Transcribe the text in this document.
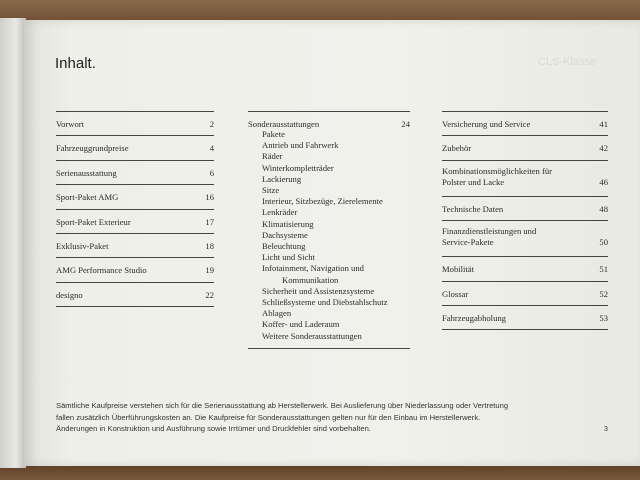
Inhalt.	CLS-Klasse
Vorwort	2
Fahrzeuggrundpreise	4
Serienausstattung	6
Sport-Paket AMG	16
Sport-Paket Exterieur	17
Exklusiv-Paket	18
AMG Performance Studio	19
designo	22
Sonderausstattungen	24
Pakete
Antrieb und Fahrwerk
Räder
Winterkompletträder
Lackierung
Sitze
Interieur, Sitzbezüge, Zierelemente
Lenkräder
Klimatisierung
Dachsysteme
Beleuchtung
Licht und Sicht
Infotainment, Navigation und
Kommunikation
Sicherheit und Assistenzsysteme
Schließsysteme und Diebstahlschutz
Ablagen
Koffer- und Laderaum
Weitere Sonderausstattungen
Versicherung und Service	41
Zubehör	42
Kombinationsmöglichkeiten für Polster und Lacke	46
Technische Daten	48
Finanzdienstleistungen und Service-Pakete	50
Mobilität	51
Glossar	52
Fahrzeugabholung	53
Sämtliche Kaufpreise verstehen sich für die Serienausstattung ab Herstellerwerk. Bei Auslieferung über Niederlassung oder Vertretung
fallen zusätzlich Überführungskosten an. Die Kaufpreise für Sonderausstattungen gelten nur für den Einbau im Herstellerwerk.
Änderungen in Konstruktion und Ausführung sowie Irrtümer und Druckfehler sind vorbehalten.	3
